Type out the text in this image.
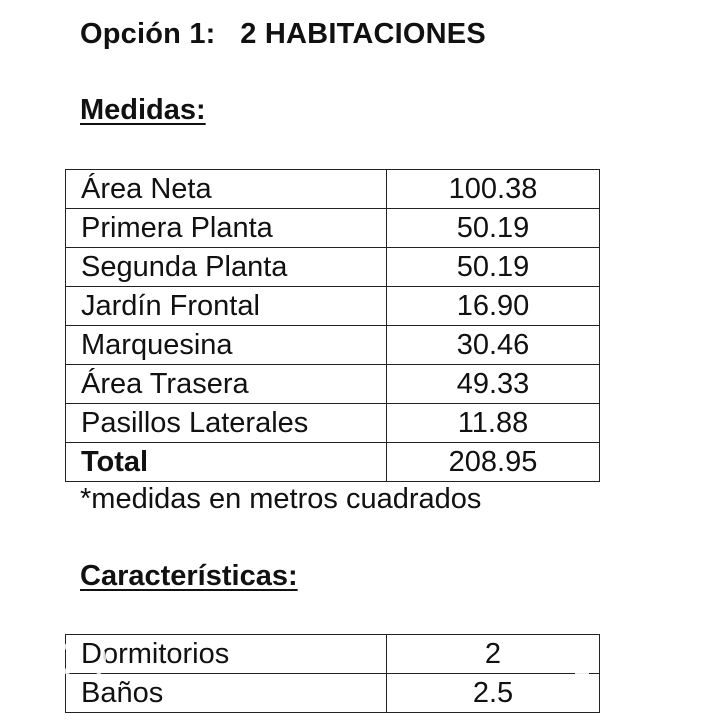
Opción 1:   2 HABITACIONES
Medidas:
Área Neta	100.38
Primera Planta	50.19
Segunda Planta	50.19
Jardín Frontal	16.90
Marquesina	30.46
Área Trasera	49.33
Pasillos Laterales	11.88
Total	208.95
*medidas en metros cuadrados
Características:
Dormitorios	2
Baños	2.5
